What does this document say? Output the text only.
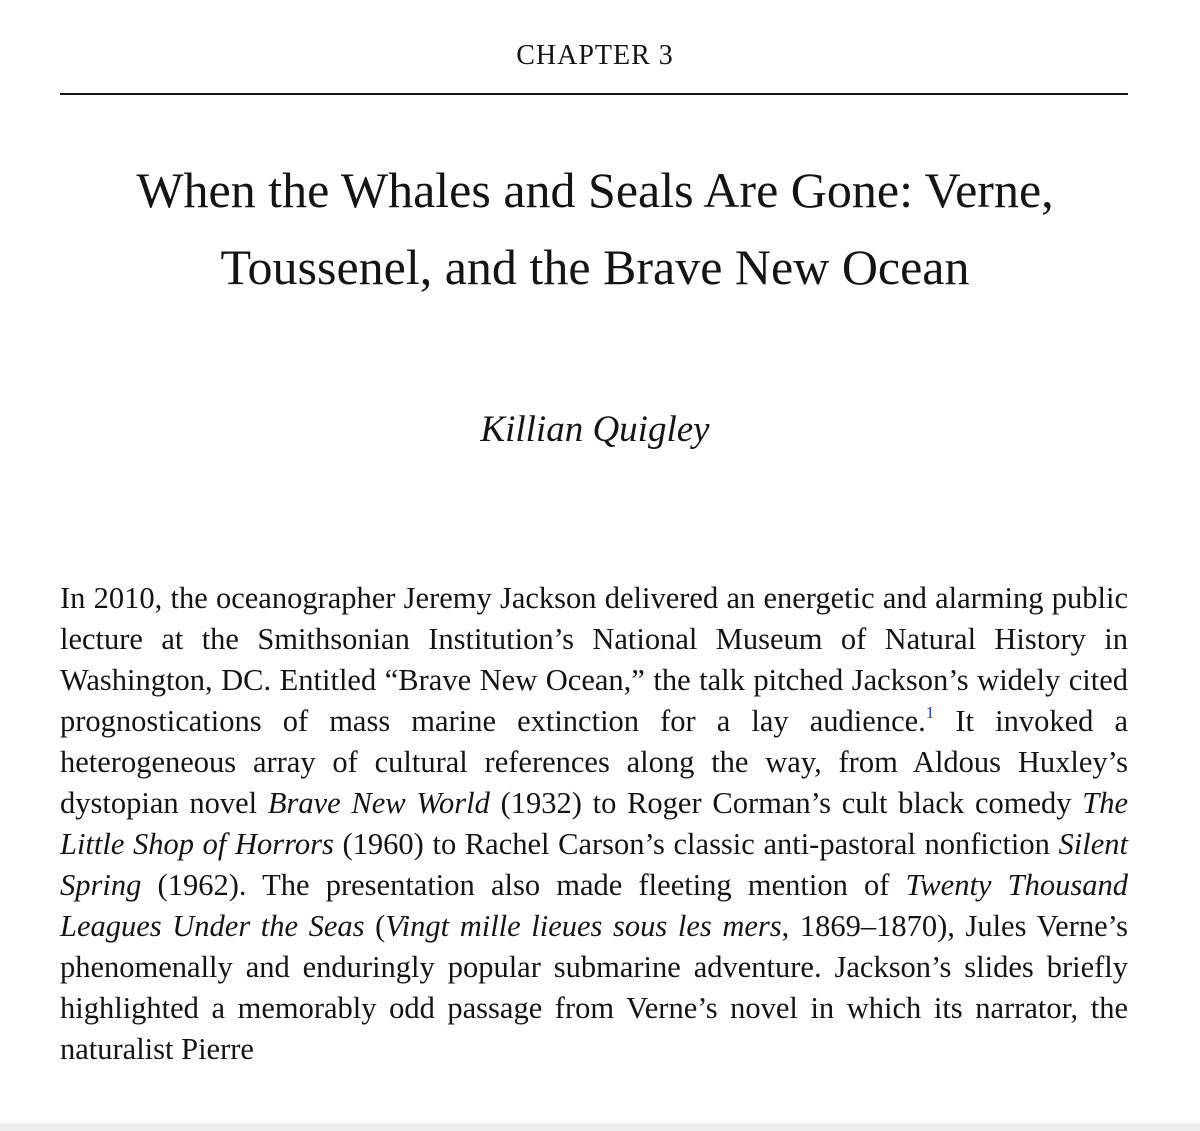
CHAPTER 3
When the Whales and Seals Are Gone: Verne,
Toussenel, and the Brave New Ocean
Killian Quigley

In 2010, the oceanographer Jeremy Jackson delivered an energetic and alarming public lecture at the Smithsonian Institution’s National Museum of Natural History in Washington, DC. Entitled “Brave New Ocean,” the talk pitched Jackson’s widely cited prognostications of mass marine extinction for a lay audience.$^1$ It invoked a heterogeneous array of cultural references along the way, from Aldous Huxley’s dystopian novel Brave New World (1932) to Roger Corman’s cult black comedy The Little Shop of Horrors (1960) to Rachel Carson’s classic anti-pastoral nonfiction Silent Spring (1962). The presentation also made fleeting mention of Twenty Thousand Leagues Under the Seas (Vingt mille lieues sous les mers, 1869–1870), Jules Verne’s phenomenally and enduringly popular submarine adventure. Jackson’s slides briefly highlighted a memorably odd passage from Verne’s novel in which its narrator, the naturalist Pierre
